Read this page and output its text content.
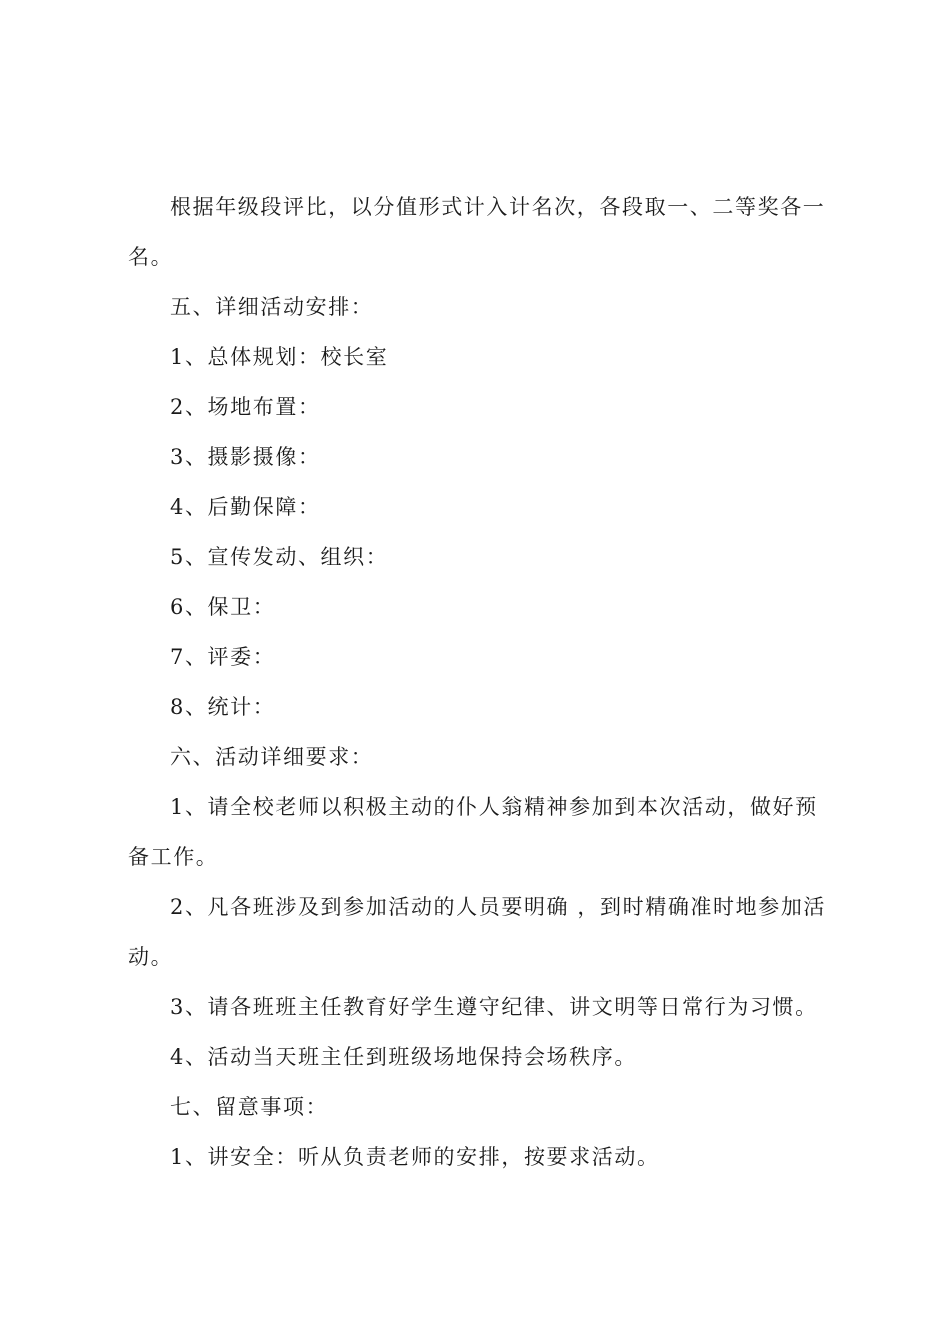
根据年级段评比，以分值形式计入计名次，各段取一、二等奖各一名。

五、详细活动安排：

1、总体规划：校长室

2、场地布置：

3、摄影摄像：

4、后勤保障：

5、宣传发动、组织：

6、保卫：

7、评委：

8、统计：

六、活动详细要求：

1、请全校老师以积极主动的仆人翁精神参加到本次活动，做好预备工作。

2、凡各班涉及到参加活动的人员要明确 ，到时精确准时地参加活动。

3、请各班班主任教育好学生遵守纪律、讲文明等日常行为习惯。

4、活动当天班主任到班级场地保持会场秩序。

七、留意事项：

1、讲安全：听从负责老师的安排，按要求活动。
